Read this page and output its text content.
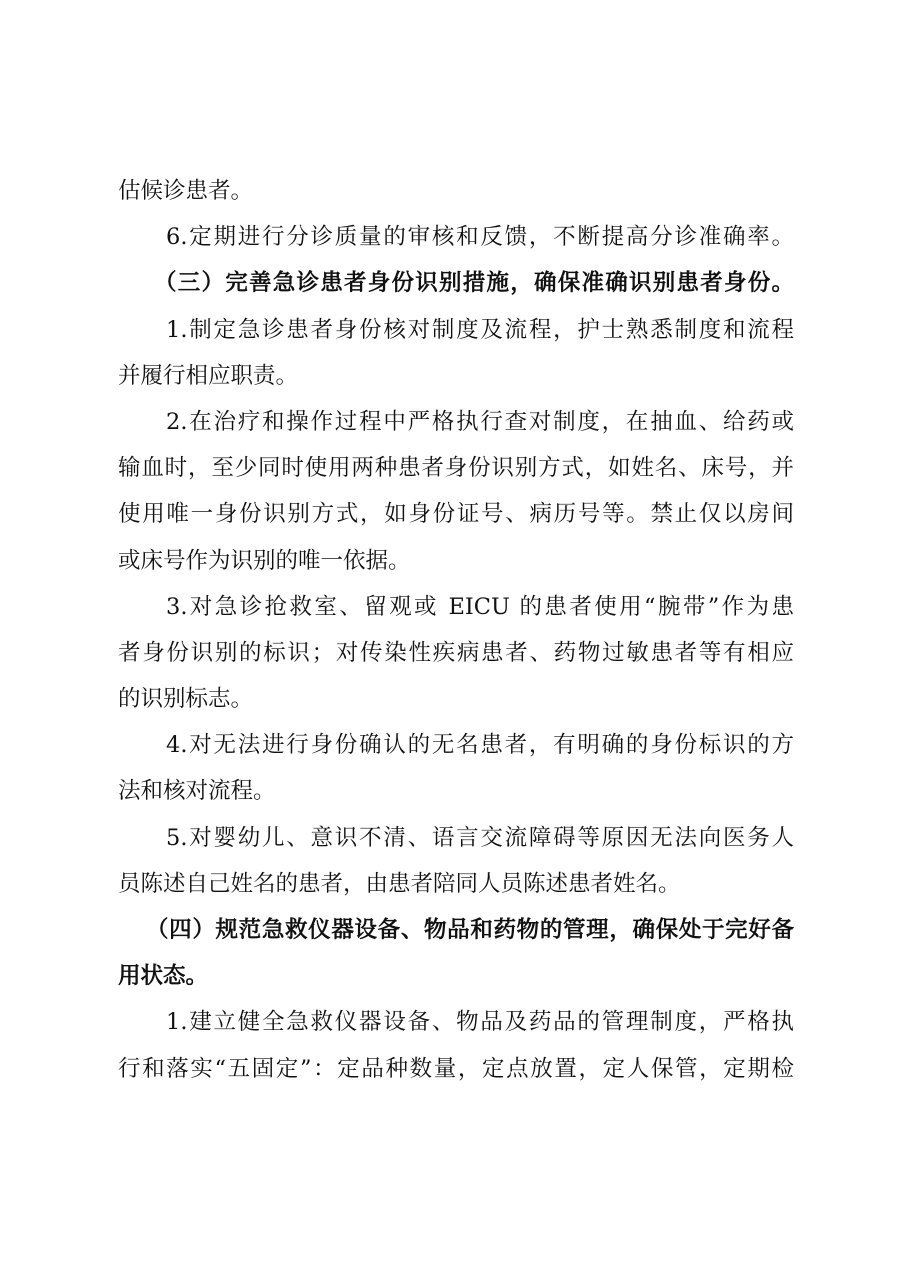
估候诊患者。
6.定期进行分诊质量的审核和反馈，不断提高分诊准确率。
（三）完善急诊患者身份识别措施，确保准确识别患者身份。
1.制定急诊患者身份核对制度及流程，护士熟悉制度和流程
并履行相应职责。
2.在治疗和操作过程中严格执行查对制度，在抽血、给药或
输血时，至少同时使用两种患者身份识别方式，如姓名、床号，并
使用唯一身份识别方式，如身份证号、病历号等。禁止仅以房间
或床号作为识别的唯一依据。
3.对急诊抢救室、留观或 EICU 的患者使用“腕带”作为患
者身份识别的标识；对传染性疾病患者、药物过敏患者等有相应
的识别标志。
4.对无法进行身份确认的无名患者，有明确的身份标识的方
法和核对流程。
5.对婴幼儿、意识不清、语言交流障碍等原因无法向医务人
员陈述自己姓名的患者，由患者陪同人员陈述患者姓名。
（四）规范急救仪器设备、物品和药物的管理，确保处于完好备
用状态。
1.建立健全急救仪器设备、物品及药品的管理制度，严格执
行和落实“五固定”：定品种数量，定点放置，定人保管，定期检
